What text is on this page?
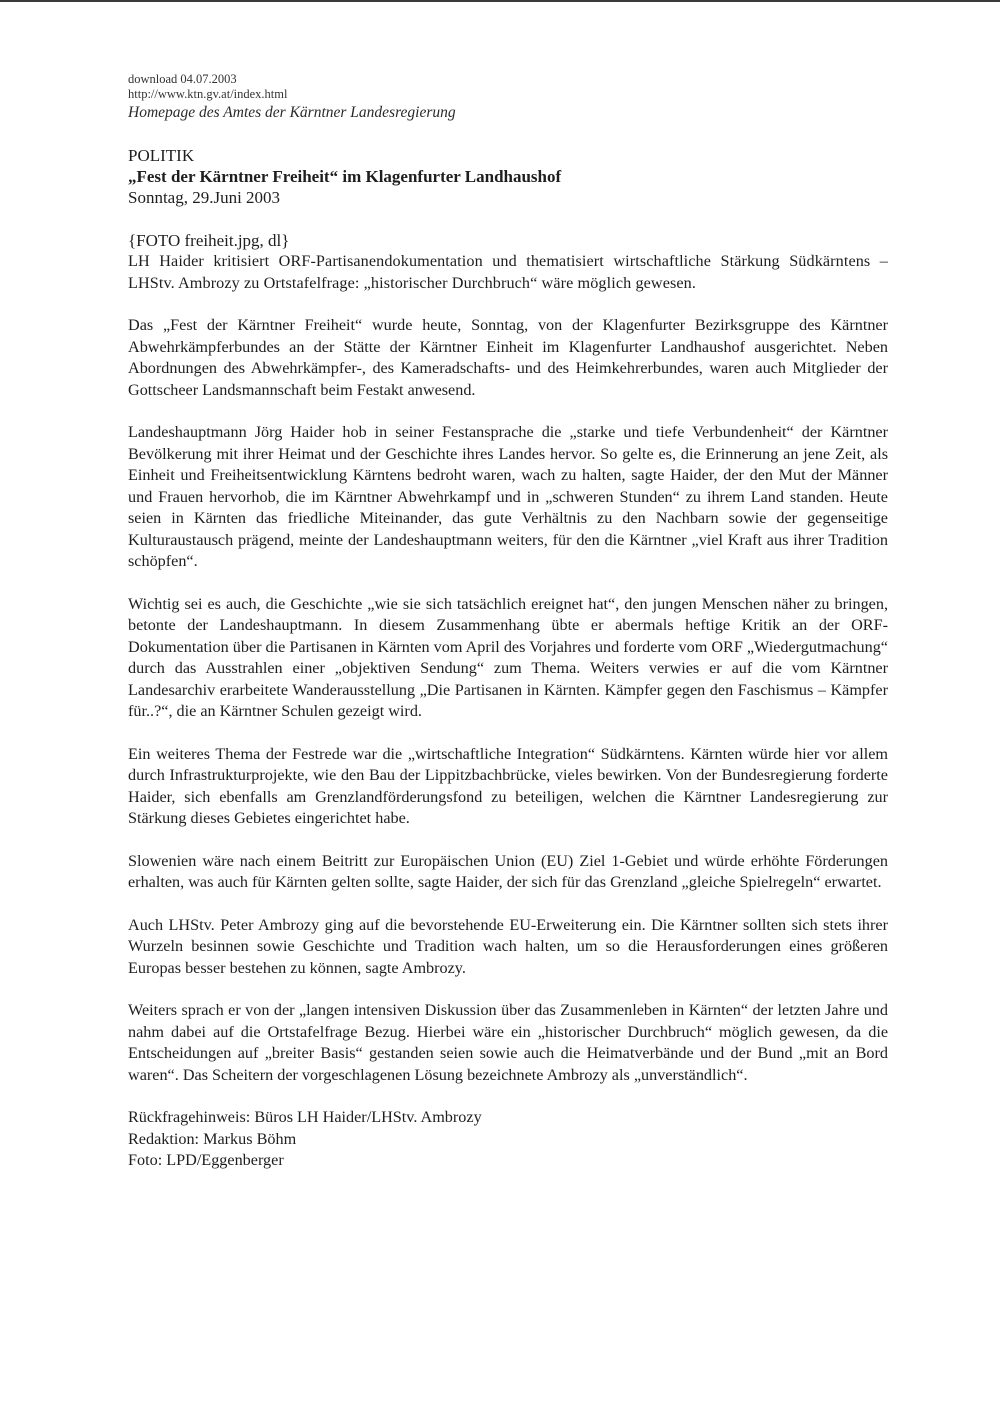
download 04.07.2003
http://www.ktn.gv.at/index.html
Homepage des Amtes der Kärntner Landesregierung
POLITIK
„Fest der Kärntner Freiheit“ im Klagenfurter Landhaushof
Sonntag, 29.Juni 2003
{FOTO freiheit.jpg, dl}
LH Haider kritisiert ORF-Partisanendokumentation und thematisiert wirtschaftliche Stärkung Südkärntens – LHStv. Ambrozy zu Ortstafelfrage: „historischer Durchbruch“ wäre möglich gewesen.
Das „Fest der Kärntner Freiheit“ wurde heute, Sonntag, von der Klagenfurter Bezirksgruppe des Kärntner Abwehrkämpferbundes an der Stätte der Kärntner Einheit im Klagenfurter Landhaushof ausgerichtet. Neben Abordnungen des Abwehrkämpfer-, des Kameradschafts- und des Heimkehrerbundes, waren auch Mitglieder der Gottscheer Landsmannschaft beim Festakt anwesend.
Landeshauptmann Jörg Haider hob in seiner Festansprache die „starke und tiefe Verbundenheit“ der Kärntner Bevölkerung mit ihrer Heimat und der Geschichte ihres Landes hervor. So gelte es, die Erinnerung an jene Zeit, als Einheit und Freiheitsentwicklung Kärntens bedroht waren, wach zu halten, sagte Haider, der den Mut der Männer und Frauen hervorhob, die im Kärntner Abwehrkampf und in „schweren Stunden“ zu ihrem Land standen. Heute seien in Kärnten das friedliche Miteinander, das gute Verhältnis zu den Nachbarn sowie der gegenseitige Kulturaustausch prägend, meinte der Landeshauptmann weiters, für den die Kärntner „viel Kraft aus ihrer Tradition schöpfen“.
Wichtig sei es auch, die Geschichte „wie sie sich tatsächlich ereignet hat“, den jungen Menschen näher zu bringen, betonte der Landeshauptmann. In diesem Zusammenhang übte er abermals heftige Kritik an der ORF-Dokumentation über die Partisanen in Kärnten vom April des Vorjahres und forderte vom ORF „Wiedergutmachung“ durch das Ausstrahlen einer „objektiven Sendung“ zum Thema. Weiters verwies er auf die vom Kärntner Landesarchiv erarbeitete Wanderausstellung „Die Partisanen in Kärnten. Kämpfer gegen den Faschismus – Kämpfer für..?“, die an Kärntner Schulen gezeigt wird.
Ein weiteres Thema der Festrede war die „wirtschaftliche Integration“ Südkärntens. Kärnten würde hier vor allem durch Infrastrukturprojekte, wie den Bau der Lippitzbachbrücke, vieles bewirken. Von der Bundesregierung forderte Haider, sich ebenfalls am Grenzlandförderungsfond zu beteiligen, welchen die Kärntner Landesregierung zur Stärkung dieses Gebietes eingerichtet habe.
Slowenien wäre nach einem Beitritt zur Europäischen Union (EU) Ziel 1-Gebiet und würde erhöhte Förderungen erhalten, was auch für Kärnten gelten sollte, sagte Haider, der sich für das Grenzland „gleiche Spielregeln“ erwartet.
Auch LHStv. Peter Ambrozy ging auf die bevorstehende EU-Erweiterung ein. Die Kärntner sollten sich stets ihrer Wurzeln besinnen sowie Geschichte und Tradition wach halten, um so die Herausforderungen eines größeren Europas besser bestehen zu können, sagte Ambrozy.
Weiters sprach er von der „langen intensiven Diskussion über das Zusammenleben in Kärnten“ der letzten Jahre und nahm dabei auf die Ortstafelfrage Bezug. Hierbei wäre ein „historischer Durchbruch“ möglich gewesen, da die Entscheidungen auf „breiter Basis“ gestanden seien sowie auch die Heimatverbände und der Bund „mit an Bord waren“. Das Scheitern der vorgeschlagenen Lösung bezeichnete Ambrozy als „unverständlich“.
Rückfragehinweis: Büros LH Haider/LHStv. Ambrozy
Redaktion: Markus Böhm
Foto: LPD/Eggenberger
